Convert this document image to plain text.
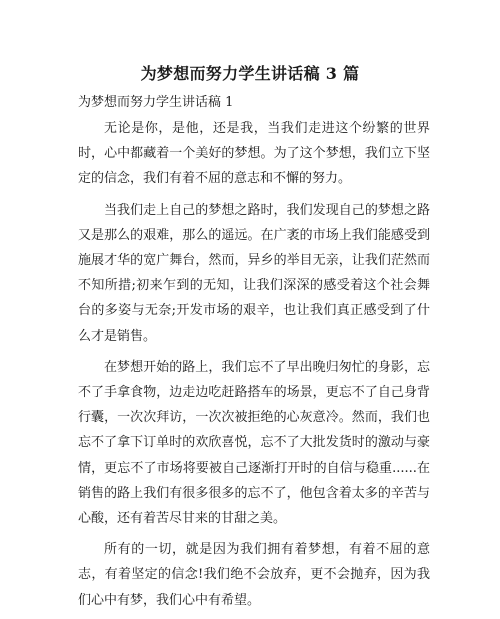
为梦想而努力学生讲话稿 3 篇
为梦想而努力学生讲话稿 1

无论是你，是他，还是我，当我们走进这个纷繁的世界时，心中都藏着一个美好的梦想。为了这个梦想，我们立下坚定的信念，我们有着不屈的意志和不懈的努力。

当我们走上自己的梦想之路时，我们发现自己的梦想之路又是那么的艰难，那么的遥远。在广袤的市场上我们能感受到施展才华的宽广舞台，然而，异乡的举目无亲，让我们茫然而不知所措;初来乍到的无知，让我们深深的感受着这个社会舞台的多姿与无奈;开发市场的艰辛，也让我们真正感受到了什么才是销售。

在梦想开始的路上，我们忘不了早出晚归匆忙的身影，忘不了手拿食物，边走边吃赶路搭车的场景，更忘不了自己身背行囊，一次次拜访，一次次被拒绝的心灰意冷。然而，我们也忘不了拿下订单时的欢欣喜悦，忘不了大批发货时的激动与豪情，更忘不了市场将要被自己逐渐打开时的自信与稳重......在销售的路上我们有很多很多的忘不了，他包含着太多的辛苦与心酸，还有着苦尽甘来的甘甜之美。

所有的一切，就是因为我们拥有着梦想，有着不屈的意志，有着坚定的信念!我们绝不会放弃，更不会抛弃，因为我们心中有梦，我们心中有希望。
